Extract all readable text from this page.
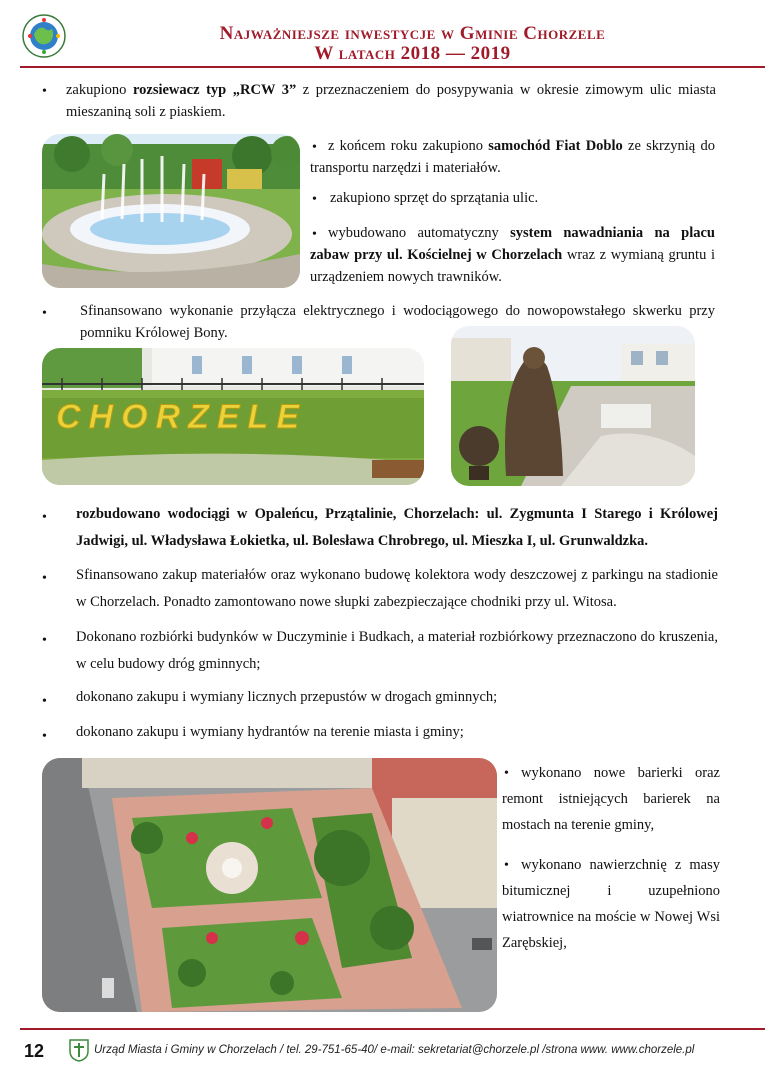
Najważniejsze inwestycje w Gminie Chorzele
W latach 2018 — 2019
• zakupiono rozsiewacz typ „RCW 3” z przeznaczeniem do posypywania w okresie zimowym ulic miasta mieszaniną soli z piaskiem.
• z końcem roku zakupiono samochód Fiat Doblo ze skrzynią do transportu narzędzi i materiałów.
• zakupiono sprzęt do sprzątania ulic.
• wybudowano automatyczny system nawadniania na placu zabaw przy ul. Kościelnej w Chorzelach wraz z wymianą gruntu i urządzeniem nowych trawników.
• Sfinansowano wykonanie przyłącza elektrycznego i wodociągowego do nowopowstałego skwerku przy pomniku Królowej Bony.
CHORZELE
• rozbudowano wodociągi w Opaleńcu, Przątalinie, Chorzelach: ul. Zygmunta I Starego i Królowej Jadwigi, ul. Władysława Łokietka, ul. Bolesława Chrobrego, ul. Mieszka I, ul. Grunwaldzka.
• Sfinansowano zakup materiałów oraz wykonano budowę kolektora wody deszczowej z parkingu na stadionie w Chorzelach. Ponadto zamontowano nowe słupki zabezpieczające chodniki przy ul. Witosa.
• Dokonano rozbiórki budynków w Duczyminie i Budkach, a materiał rozbiórkowy przeznaczono do kruszenia, w celu budowy dróg gminnych;
• dokonano zakupu i wymiany licznych przepustów w drogach gminnych;
• dokonano zakupu i wymiany hydrantów na terenie miasta i gminy;
• wykonano nowe barierki oraz remont istniejących barierek na mostach na terenie gminy,
• wykonano nawierzchnię z masy bitumicznej i uzupełniono wiatrownice na moście w Nowej Wsi Zarębskiej,
12	Urząd Miasta i Gminy w Chorzelach / tel. 29-751-65-40/ e-mail: sekretariat@chorzele.pl /strona www. www.chorzele.pl
